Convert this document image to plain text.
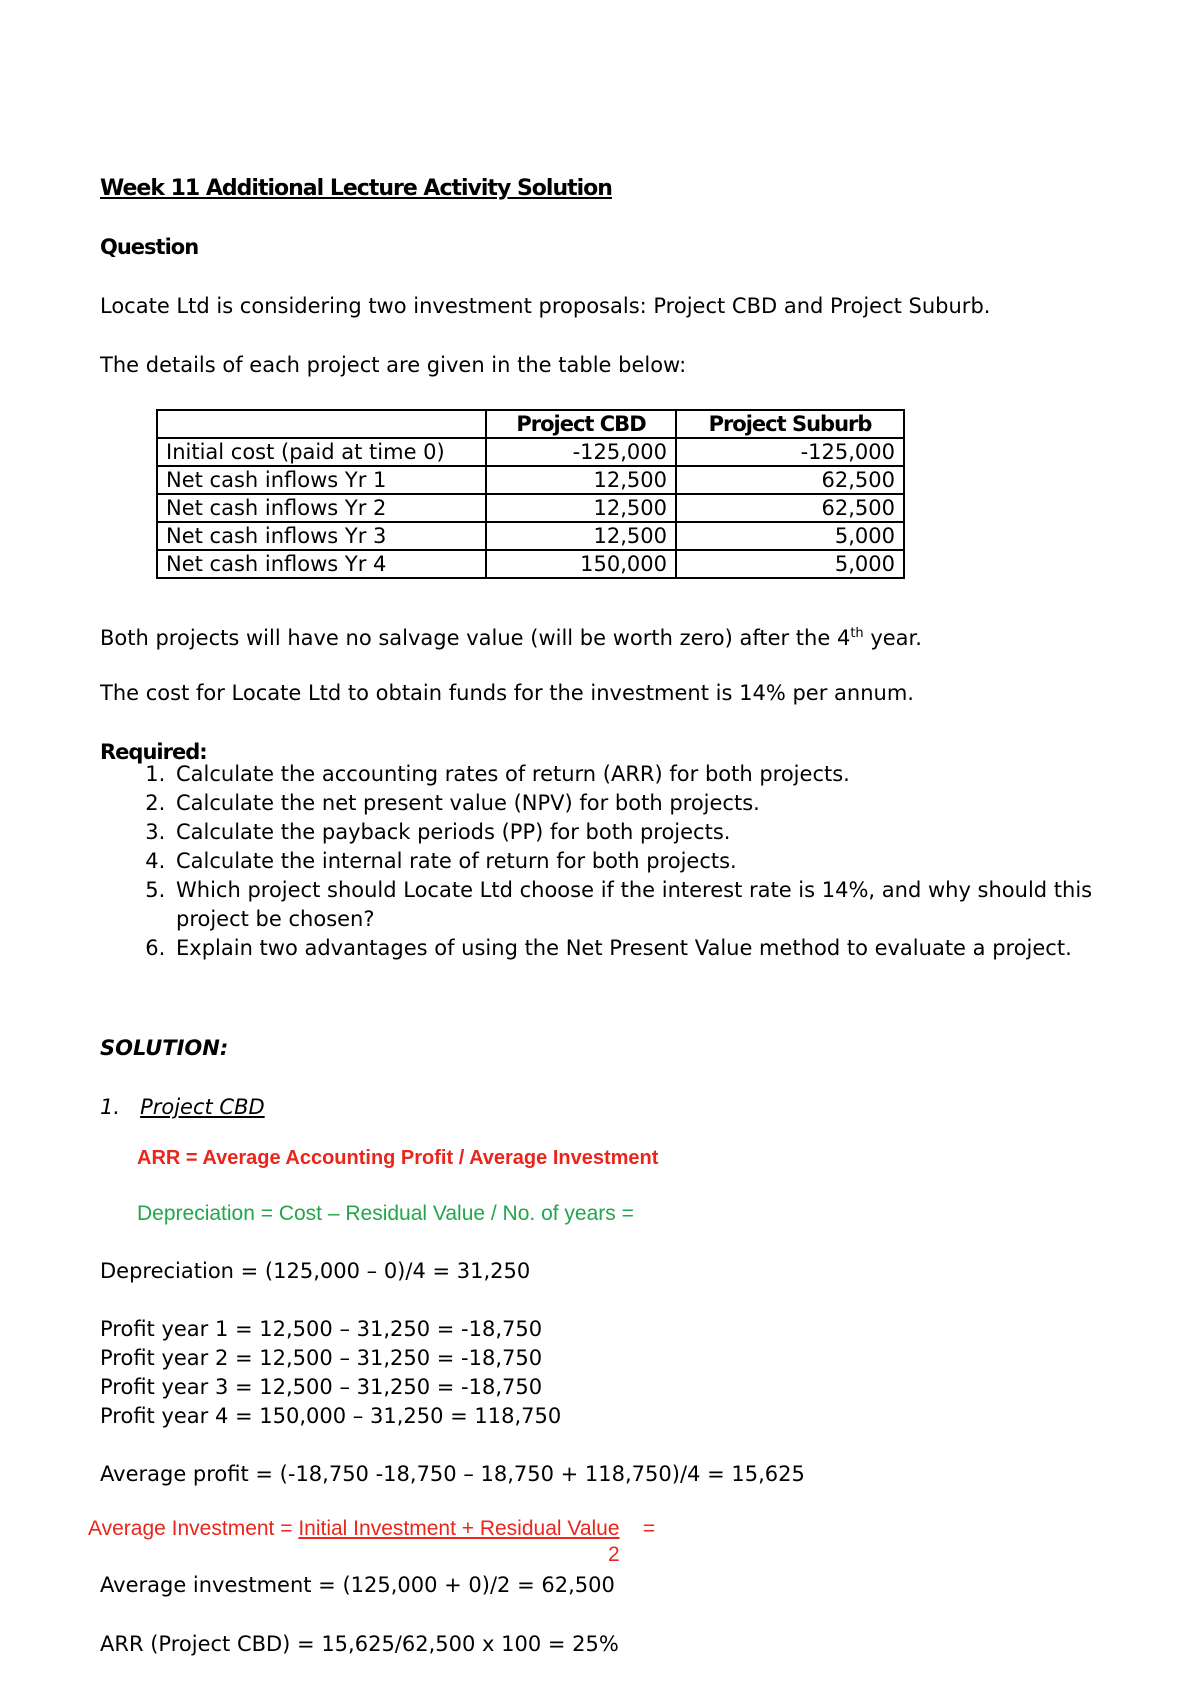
Week 11 Additional Lecture Activity Solution
Question
Locate Ltd is considering two investment proposals: Project CBD and Project Suburb.
The details of each project are given in the table below:
	Project CBD	Project Suburb
Initial cost (paid at time 0)	-125,000	-125,000
Net cash inflows Yr 1	12,500	62,500
Net cash inflows Yr 2	12,500	62,500
Net cash inflows Yr 3	12,500	5,000
Net cash inflows Yr 4	150,000	5,000
Both projects will have no salvage value (will be worth zero) after the 4th year.
The cost for Locate Ltd to obtain funds for the investment is 14% per annum.
Required:
1. Calculate the accounting rates of return (ARR) for both projects.
2. Calculate the net present value (NPV) for both projects.
3. Calculate the payback periods (PP) for both projects.
4. Calculate the internal rate of return for both projects.
5. Which project should Locate Ltd choose if the interest rate is 14%, and why should this project be chosen?
6. Explain two advantages of using the Net Present Value method to evaluate a project.
SOLUTION:
1. Project CBD
ARR = Average Accounting Profit / Average Investment
Depreciation = Cost – Residual Value / No. of years =
Depreciation = (125,000 – 0)/4 = 31,250
Profit year 1 = 12,500 – 31,250 = -18,750
Profit year 2 = 12,500 – 31,250 = -18,750
Profit year 3 = 12,500 – 31,250 = -18,750
Profit year 4 = 150,000 – 31,250 = 118,750
Average profit = (-18,750 -18,750 – 18,750 + 118,750)/4 = 15,625
Average Investment = Initial Investment + Residual Value =
2
Average investment = (125,000 + 0)/2 = 62,500
ARR (Project CBD) = 15,625/62,500 x 100 = 25%
